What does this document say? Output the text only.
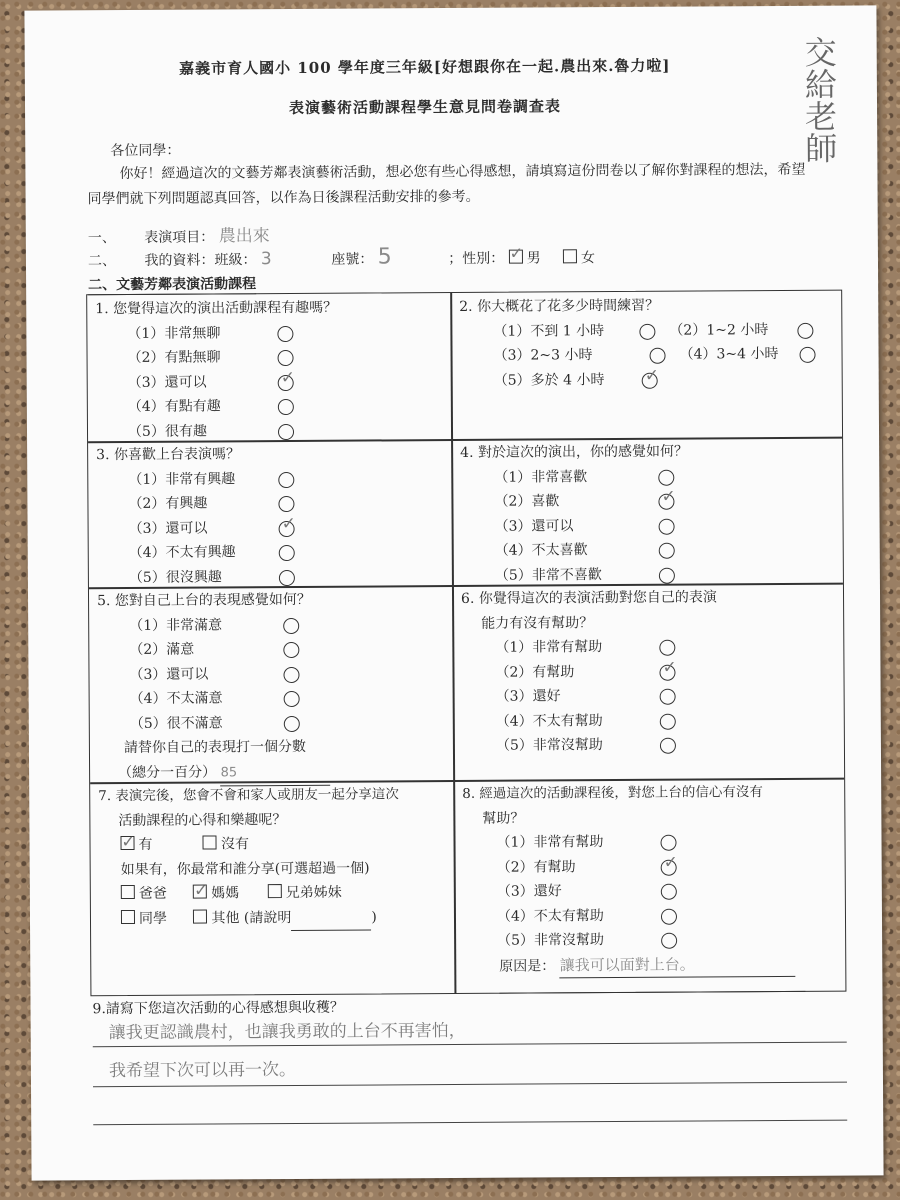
嘉義市育人國小 100 學年度三年級[好想跟你在一起.農出來.魯力啦]
表演藝術活動課程學生意見問卷調查表	交給老師
各位同學：
你好！經過這次的文藝芳鄰表演藝術活動，想必您有些心得感想，請填寫這份問卷以了解你對課程的想法，希望同學們就下列問題認真回答，以作為日後課程活動安排的參考。
一、 表演項目： 農出來
二、 我的資料：班級： 3	座號： 5	；性別： ✓ 男	女
二、文藝芳鄰表演活動課程
1. 您覺得這次的演出活動課程有趣嗎？
（1）非常無聊
（2）有點無聊
（3）還可以
✓
（4）有點有趣
（5）很有趣
2. 你大概花了花多少時間練習？
（1）不到 1 小時	（2）1~2 小時
（3）2~3 小時	（4）3~4 小時
（5）多於 4 小時
✓
3. 你喜歡上台表演嗎？
（1）非常有興趣
（2）有興趣
（3）還可以
✓
（4）不太有興趣
（5）很沒興趣
4. 對於這次的演出，你的感覺如何？
（1）非常喜歡
（2）喜歡
✓
（3）還可以
（4）不太喜歡
（5）非常不喜歡
5. 您對自己上台的表現感覺如何？
（1）非常滿意
（2）滿意
（3）還可以
（4）不太滿意
（5）很不滿意
請替你自己的表現打一個分數
（總分一百分） 85
6. 你覺得這次的表演活動對您自己的表演
能力有沒有幫助？
（1）非常有幫助
（2）有幫助
✓
（3）還好
（4）不太有幫助
（5）非常沒幫助
7. 表演完後，您會不會和家人或朋友一起分享這次
活動課程的心得和樂趣呢？
✓有	沒有
如果有，你最常和誰分享(可選超過一個)
爸爸 ✓	媽媽	兄弟姊妹
同學	其他 (請說明	)
8. 經過這次的活動課程後，對您上台的信心有沒有
幫助？
（1）非常有幫助
（2）有幫助
✓
（3）還好
（4）不太有幫助
（5）非常沒幫助
原因是： 讓我可以面對上台。
9.請寫下您這次活動的心得感想與收穫？
讓我更認識農村，也讓我勇敢的上台不再害怕，
我希望下次可以再一次。
